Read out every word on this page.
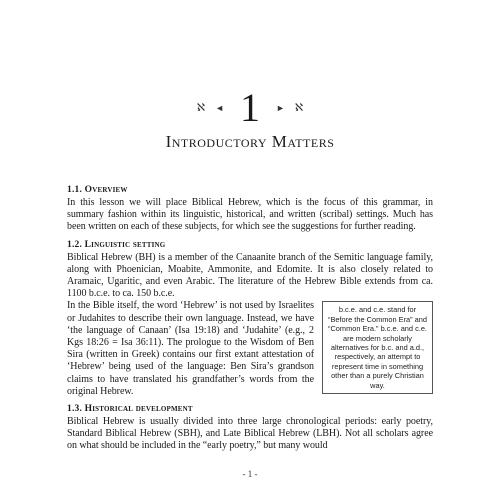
ℵ ◄ 1 ► ℵ
Introductory Matters
1.1. Overview

In this lesson we will place Biblical Hebrew, which is the focus of this grammar, in summary fashion within its linguistic, historical, and written (scribal) settings. Much has been written on each of these subjects, for which see the suggestions for further reading.

1.2. Linguistic setting

Biblical Hebrew (BH) is a member of the Canaanite branch of the Semitic language family, along with Phoenician, Moabite, Ammonite, and Edomite. It is also closely related to Aramaic, Ugaritic, and even Arabic. The literature of the Hebrew Bible extends from ca. 1100 b.c.e. to ca. 150 b.c.e.

b.c.e. and c.e. stand for “Before the Common Era” and “Common Era.” b.c.e. and c.e. are modern scholarly alternatives for b.c. and a.d., respectively, an attempt to represent time in something other than a purely Christian way.

In the Bible itself, the word ‘Hebrew’ is not used by Israelites or Judahites to describe their own language. Instead, we have ‘the language of Canaan’ (Isa 19:18) and ‘Judahite’ (e.g., 2 Kgs 18:26 = Isa 36:11). The prologue to the Wisdom of Ben Sira (written in Greek) contains our first extant attestation of ‘Hebrew’ being used of the language: Ben Sira’s grandson claims to have translated his grandfather’s words from the original Hebrew.

1.3. Historical development

Biblical Hebrew is usually divided into three large chronological periods: early poetry, Standard Biblical Hebrew (SBH), and Late Biblical Hebrew (LBH). Not all scholars agree on what should be included in the “early poetry,” but many would

- 1 -
